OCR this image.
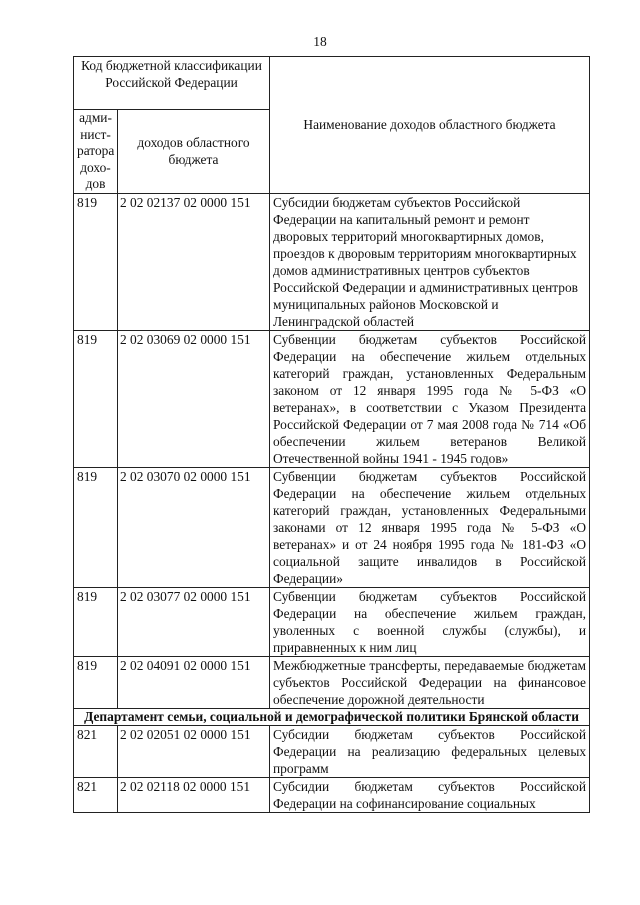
18
Код бюджетной классификации Российской Федерации		Наименование доходов областного бюджета
адми-нист-ратора дохо-дов	доходов областного бюджета	
819	2 02 02137 02 0000 151	Субсидии бюджетам субъектов Российской Федерации на капитальный ремонт и ремонт дворовых территорий многоквартирных домов, проездов к дворовым территориям многоквартирных домов административных центров субъектов Российской Федерации и административных центров муниципальных районов Московской и Ленинградской областей
819	2 02 03069 02 0000 151	Субвенции бюджетам субъектов Российской Федерации на обеспечение жильем отдельных категорий граждан, установленных Федеральным законом от 12 января 1995 года № 5-ФЗ «О ветеранах», в соответствии с Указом Президента Российской Федерации от 7 мая 2008 года № 714 «Об обеспечении жильем ветеранов Великой Отечественной войны 1941 - 1945 годов»
819	2 02 03070 02 0000 151	Субвенции бюджетам субъектов Российской Федерации на обеспечение жильем отдельных категорий граждан, установленных Федеральными законами от 12 января 1995 года № 5-ФЗ «О ветеранах» и от 24 ноября 1995 года № 181-ФЗ «О социальной защите инвалидов в Российской Федерации»
819	2 02 03077 02 0000 151	Субвенции бюджетам субъектов Российской Федерации на обеспечение жильем граждан, уволенных с военной службы (службы), и приравненных к ним лиц
819	2 02 04091 02 0000 151	Межбюджетные трансферты, передаваемые бюджетам субъектов Российской Федерации на финансовое обеспечение дорожной деятельности
Департамент семьи, социальной и демографической политики Брянской области		
821	2 02 02051 02 0000 151	Субсидии бюджетам субъектов Российской Федерации на реализацию федеральных целевых программ
821	2 02 02118 02 0000 151	Субсидии бюджетам субъектов Российской Федерации на софинансирование социальных
